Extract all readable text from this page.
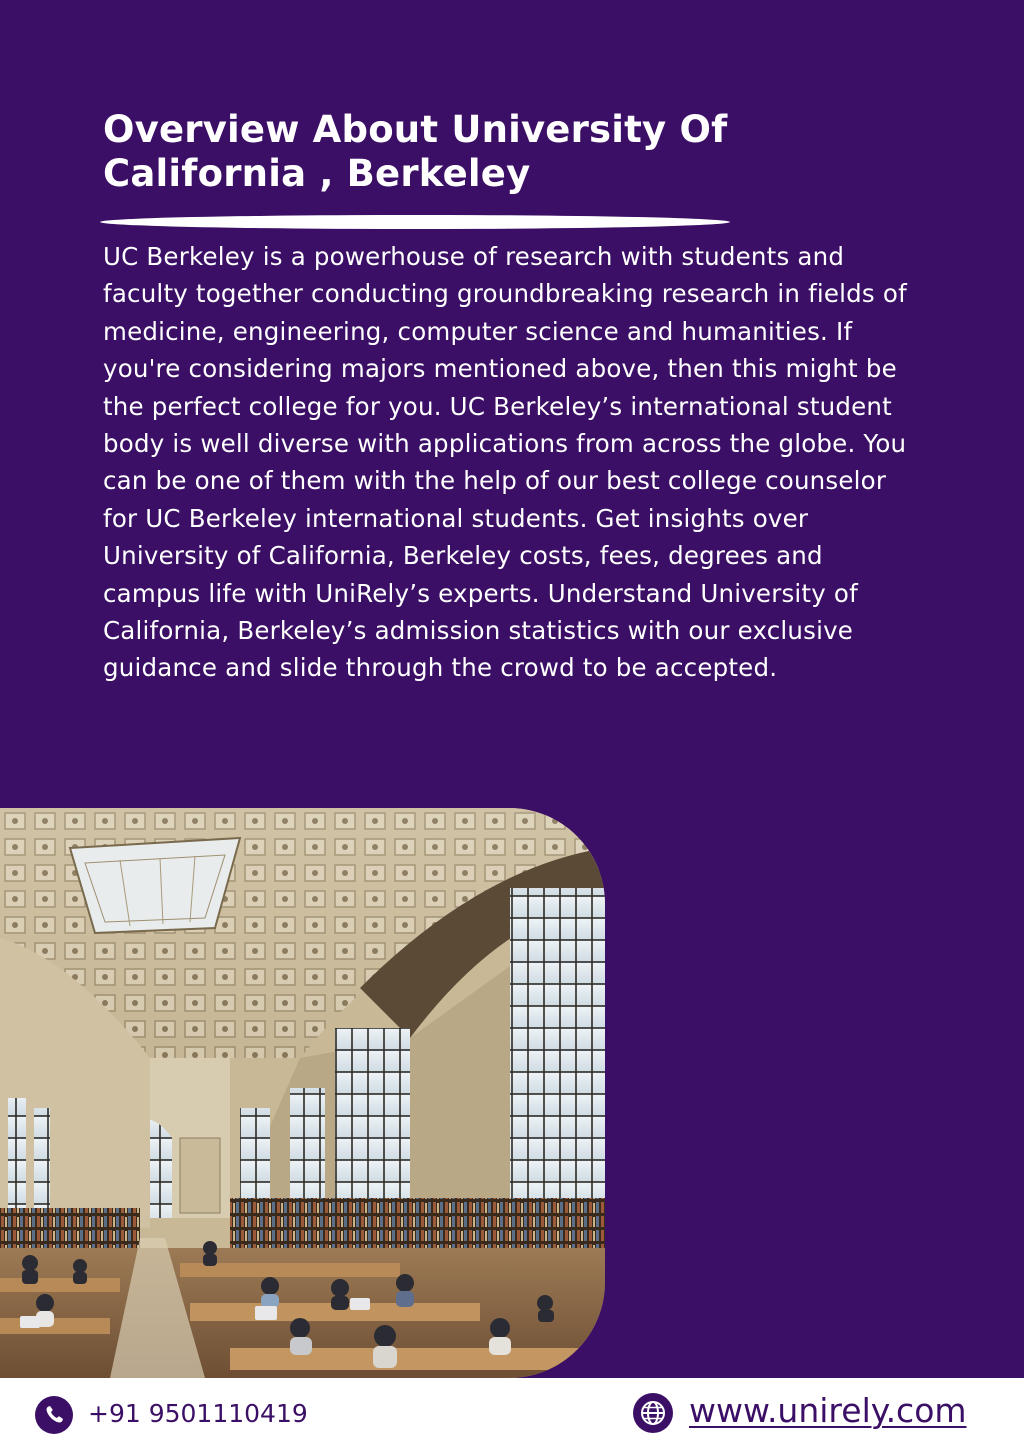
Overview About University Of California , Berkeley

UC Berkeley is a powerhouse of research with students and faculty together conducting groundbreaking research in fields of medicine, engineering, computer science and humanities. If you're considering majors mentioned above, then this might be the perfect college for you. UC Berkeley’s international student body is well diverse with applications from across the globe. You can be one of them with the help of our best college counselor for UC Berkeley international students. Get insights over University of California, Berkeley costs, fees, degrees and campus life with UniRely’s experts. Understand University of California, Berkeley’s admission statistics with our exclusive guidance and slide through the crowd to be accepted.

+91 9501110419	www.unirely.com
